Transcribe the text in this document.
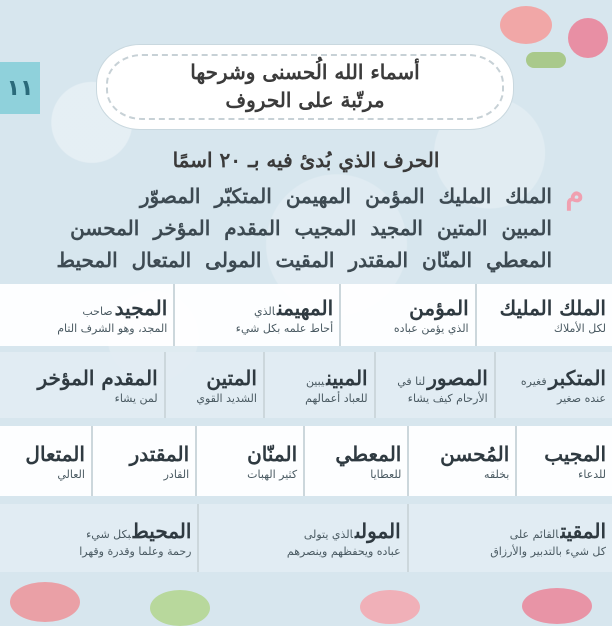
١١
أسماء الله الُحسنى وشرحها
مرتّبة على الحروف
الحرف الذي بُدئ فيه بـ ٢٠ اسمًا
م
الملك
المليك
المؤمن
المهيمن
المتكبّر
المصوّر
المبين
المتين
المجيد
المجيب
المقدم
المؤخر
المحسن
المعطي
المنّان
المقتدر
المقيت
المولى
المتعال
المحيط
الملك المليك
لكل الأملاك
المؤمن
الذي يؤمن عباده
المهيمنالذي
أحاط علمه بكل شيء
المجيدصاحب
المجد، وهو الشرف التام
المتكبرفغيره
عنده صغير
المصورلنا في
الأرحام كيف يشاء
المبينيبين
للعباد أعمالهم
المتين
الشديد القوي
المقدم المؤخر
لمن يشاء
المجيب
للدعاء
المُحسن
بخلقه
المعطي
للعطايا
المنّان
كثير الهبات
المقتدر
القادر
المتعال
العالي
المقيتالقائم على
كل شيء بالتدبير والأرزاق
المولىالذي يتولى
عباده ويحفظهم وينصرهم
المحيطبكل شيء
رحمة وعلما وقدرة وقهرا
